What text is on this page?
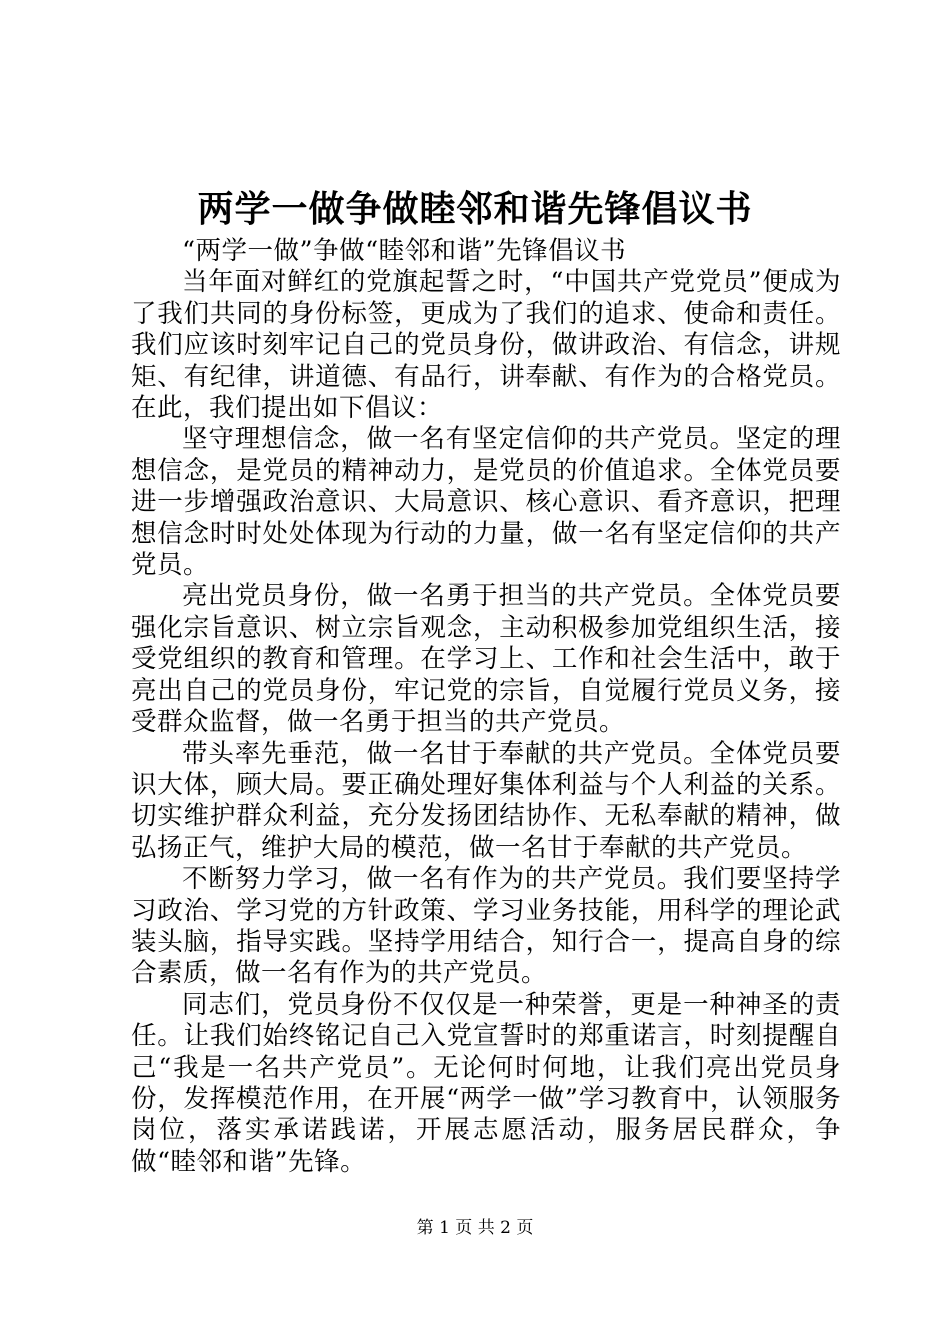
两学一做争做睦邻和谐先锋倡议书

“两学一做”争做“睦邻和谐”先锋倡议书

当年面对鲜红的党旗起誓之时，“中国共产党党员”便成为了我们共同的身份标签，更成为了我们的追求、使命和责任。我们应该时刻牢记自己的党员身份，做讲政治、有信念，讲规矩、有纪律，讲道德、有品行，讲奉献、有作为的合格党员。在此，我们提出如下倡议：

坚守理想信念，做一名有坚定信仰的共产党员。坚定的理想信念，是党员的精神动力，是党员的价值追求。全体党员要进一步增强政治意识、大局意识、核心意识、看齐意识，把理想信念时时处处体现为行动的力量，做一名有坚定信仰的共产党员。

亮出党员身份，做一名勇于担当的共产党员。全体党员要强化宗旨意识、树立宗旨观念，主动积极参加党组织生活，接受党组织的教育和管理。在学习上、工作和社会生活中，敢于亮出自己的党员身份，牢记党的宗旨，自觉履行党员义务，接受群众监督，做一名勇于担当的共产党员。

带头率先垂范，做一名甘于奉献的共产党员。全体党员要识大体，顾大局。要正确处理好集体利益与个人利益的关系。切实维护群众利益，充分发扬团结协作、无私奉献的精神，做弘扬正气，维护大局的模范，做一名甘于奉献的共产党员。

不断努力学习，做一名有作为的共产党员。我们要坚持学习政治、学习党的方针政策、学习业务技能，用科学的理论武装头脑，指导实践。坚持学用结合，知行合一，提高自身的综合素质，做一名有作为的共产党员。

同志们，党员身份不仅仅是一种荣誉，更是一种神圣的责任。让我们始终铭记自己入党宣誓时的郑重诺言，时刻提醒自己“我是一名共产党员”。无论何时何地，让我们亮出党员身份，发挥模范作用，在开展“两学一做”学习教育中，认领服务岗位，落实承诺践诺，开展志愿活动，服务居民群众，争做“睦邻和谐”先锋。

第 1 页 共 2 页
